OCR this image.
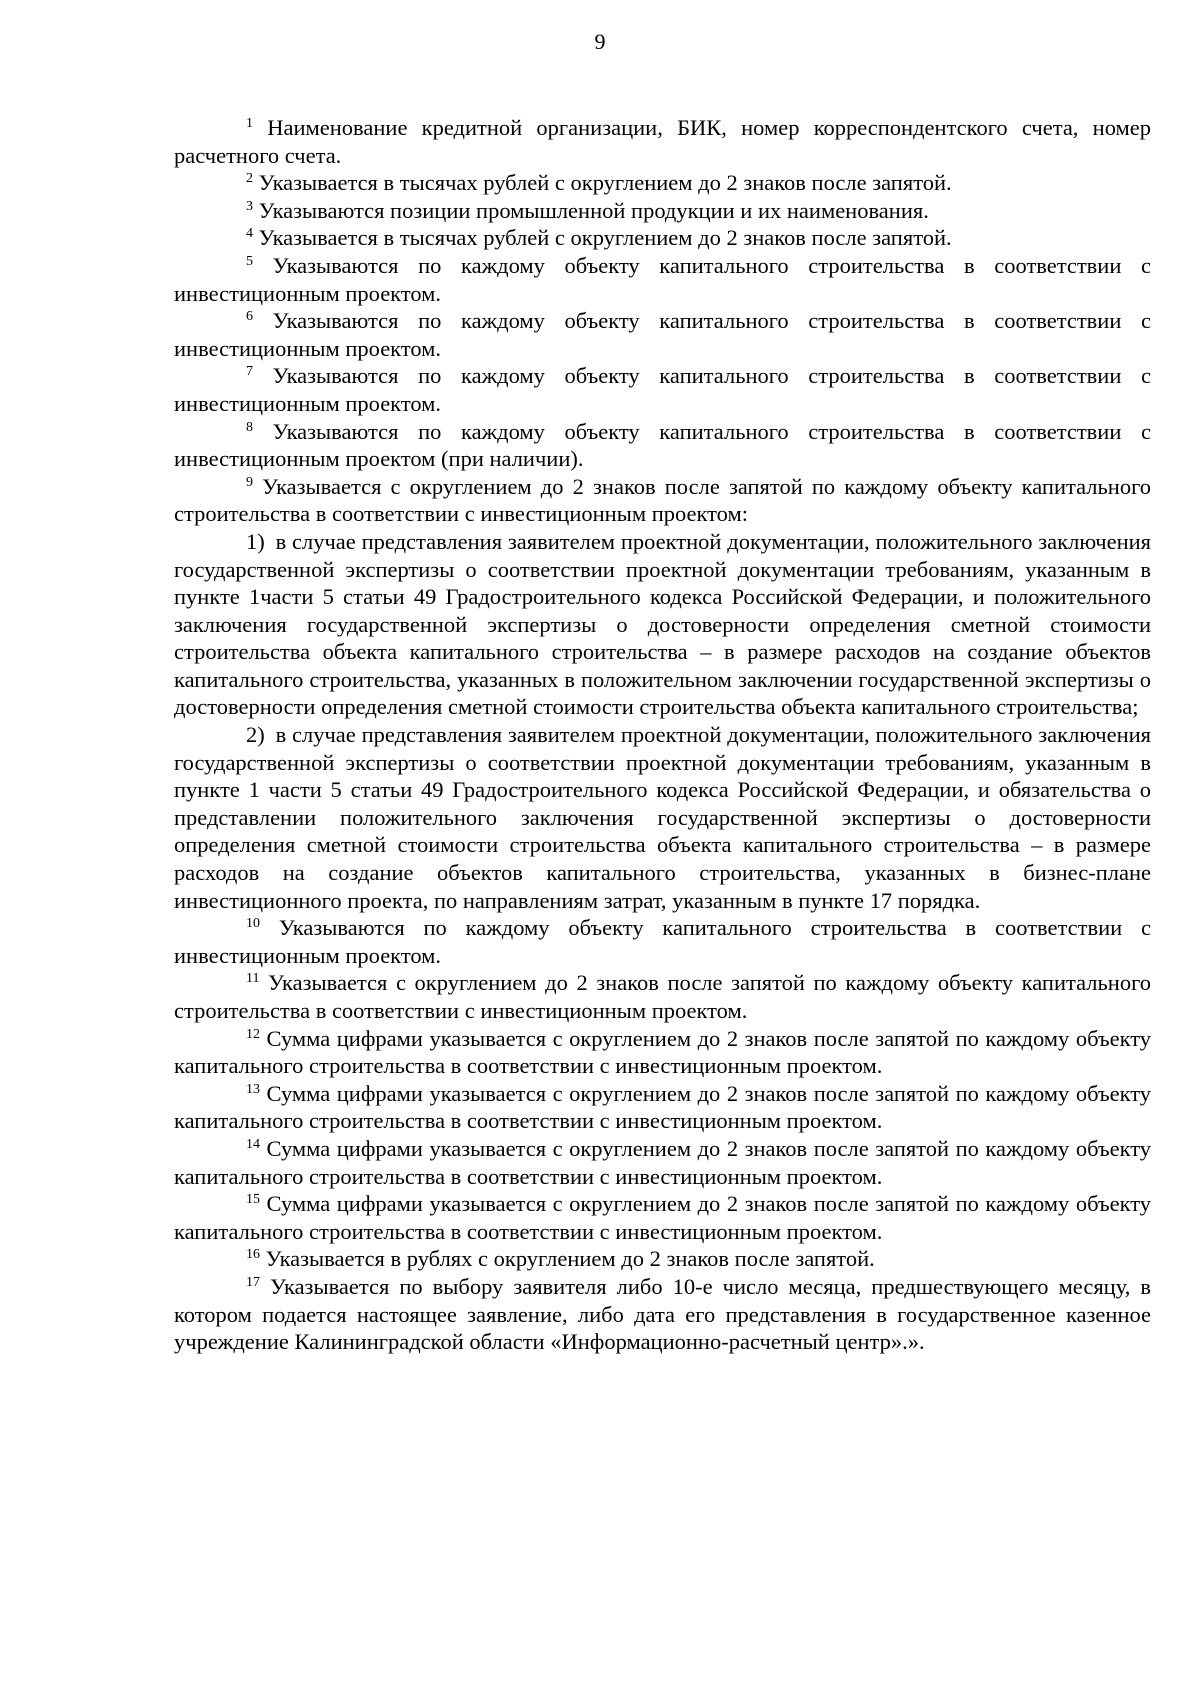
9

$^1$ Наименование кредитной организации, БИК, номер корреспондентского счета, номер расчетного счета.

$^2$ Указывается в тысячах рублей с округлением до 2 знаков после запятой.

$^3$ Указываются позиции промышленной продукции и их наименования.

$^4$ Указывается в тысячах рублей с округлением до 2 знаков после запятой.

$^5$ Указываются по каждому объекту капитального строительства в соответствии с инвестиционным проектом.

$^6$ Указываются по каждому объекту капитального строительства в соответствии с инвестиционным проектом.

$^7$ Указываются по каждому объекту капитального строительства в соответствии с инвестиционным проектом.

$^8$ Указываются по каждому объекту капитального строительства в соответствии с инвестиционным проектом (при наличии).

$^9$ Указывается с округлением до 2 знаков после запятой по каждому объекту капитального строительства в соответствии с инвестиционным проектом:

1) в случае представления заявителем проектной документации, положительного заключения государственной экспертизы о соответствии проектной документации требованиям, указанным в пункте 1части 5 статьи 49 Градостроительного кодекса Российской Федерации, и положительного заключения государственной экспертизы о достоверности определения сметной стоимости строительства объекта капитального строительства – в размере расходов на создание объектов капитального строительства, указанных в положительном заключении государственной экспертизы о достоверности определения сметной стоимости строительства объекта капитального строительства;

2) в случае представления заявителем проектной документации, положительного заключения государственной экспертизы о соответствии проектной документации требованиям, указанным в пункте 1 части 5 статьи 49 Градостроительного кодекса Российской Федерации, и обязательства о представлении положительного заключения государственной экспертизы о достоверности определения сметной стоимости строительства объекта капитального строительства – в размере расходов на создание объектов капитального строительства, указанных в бизнес-плане инвестиционного проекта, по направлениям затрат, указанным в пункте 17 порядка.

$^{10}$ Указываются по каждому объекту капитального строительства в соответствии с инвестиционным проектом.

$^{11}$ Указывается с округлением до 2 знаков после запятой по каждому объекту капитального строительства в соответствии с инвестиционным проектом.

$^{12}$ Сумма цифрами указывается с округлением до 2 знаков после запятой по каждому объекту капитального строительства в соответствии с инвестиционным проектом.

$^{13}$ Сумма цифрами указывается с округлением до 2 знаков после запятой по каждому объекту капитального строительства в соответствии с инвестиционным проектом.

$^{14}$ Сумма цифрами указывается с округлением до 2 знаков после запятой по каждому объекту капитального строительства в соответствии с инвестиционным проектом.

$^{15}$ Сумма цифрами указывается с округлением до 2 знаков после запятой по каждому объекту капитального строительства в соответствии с инвестиционным проектом.

$^{16}$ Указывается в рублях с округлением до 2 знаков после запятой.

$^{17}$ Указывается по выбору заявителя либо 10-е число месяца, предшествующего месяцу, в котором подается настоящее заявление, либо дата его представления в государственное казенное учреждение Калининградской области «Информационно-расчетный центр».».
